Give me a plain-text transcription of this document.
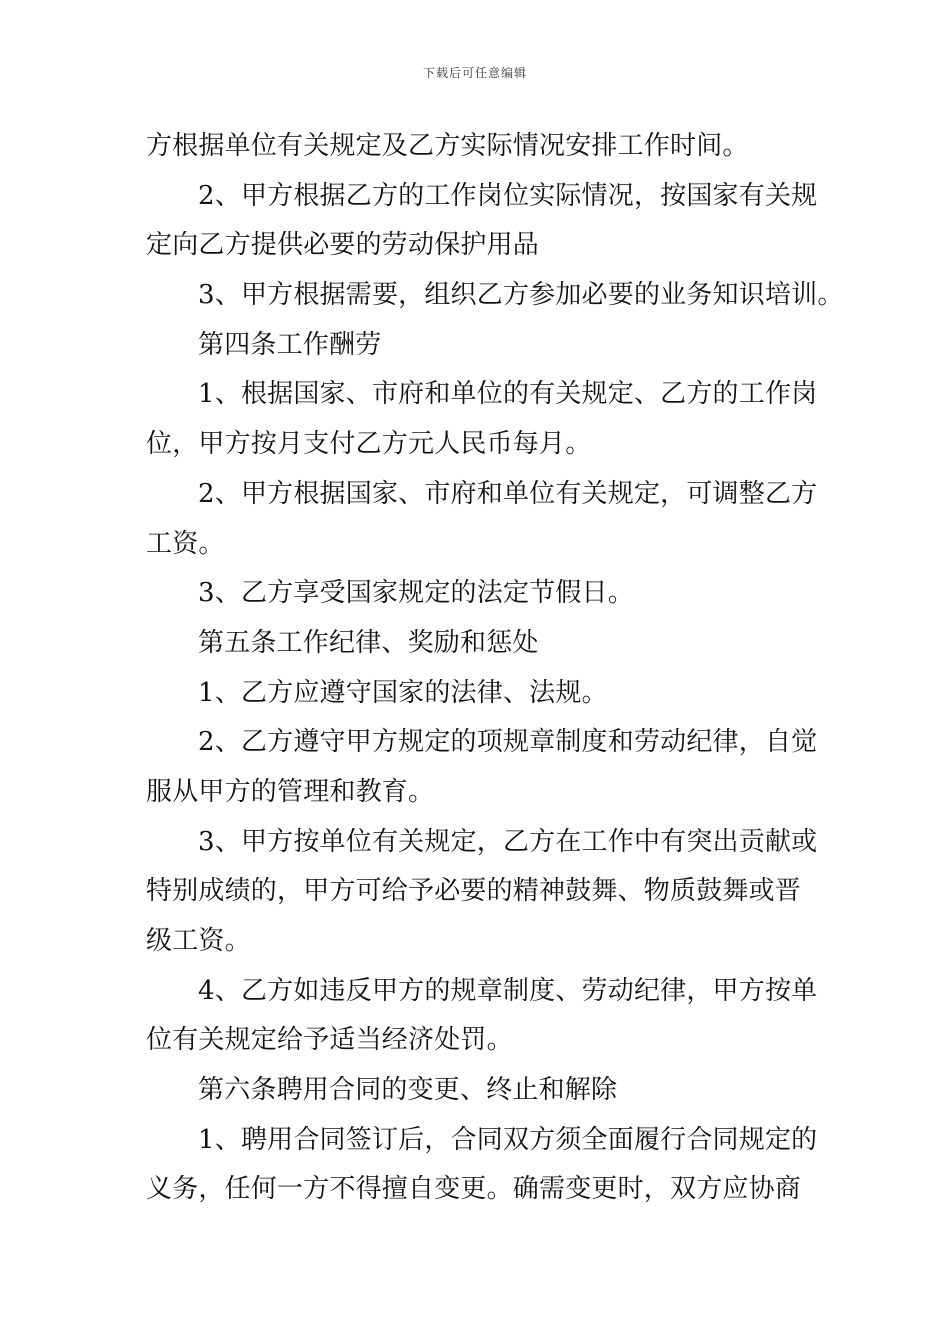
下载后可任意编辑
方根据单位有关规定及乙方实际情况安排工作时间。
2、甲方根据乙方的工作岗位实际情况，按国家有关规
定向乙方提供必要的劳动保护用品
3、甲方根据需要，组织乙方参加必要的业务知识培训。
第四条工作酬劳
1、根据国家、市府和单位的有关规定、乙方的工作岗
位，甲方按月支付乙方元人民币每月。
2、甲方根据国家、市府和单位有关规定，可调整乙方
工资。
3、乙方享受国家规定的法定节假日。
第五条工作纪律、奖励和惩处
1、乙方应遵守国家的法律、法规。
2、乙方遵守甲方规定的项规章制度和劳动纪律，自觉
服从甲方的管理和教育。
3、甲方按单位有关规定，乙方在工作中有突出贡献或
特别成绩的，甲方可给予必要的精神鼓舞、物质鼓舞或晋
级工资。
4、乙方如违反甲方的规章制度、劳动纪律，甲方按单
位有关规定给予适当经济处罚。
第六条聘用合同的变更、终止和解除
1、聘用合同签订后，合同双方须全面履行合同规定的
义务，任何一方不得擅自变更。确需变更时，双方应协商
